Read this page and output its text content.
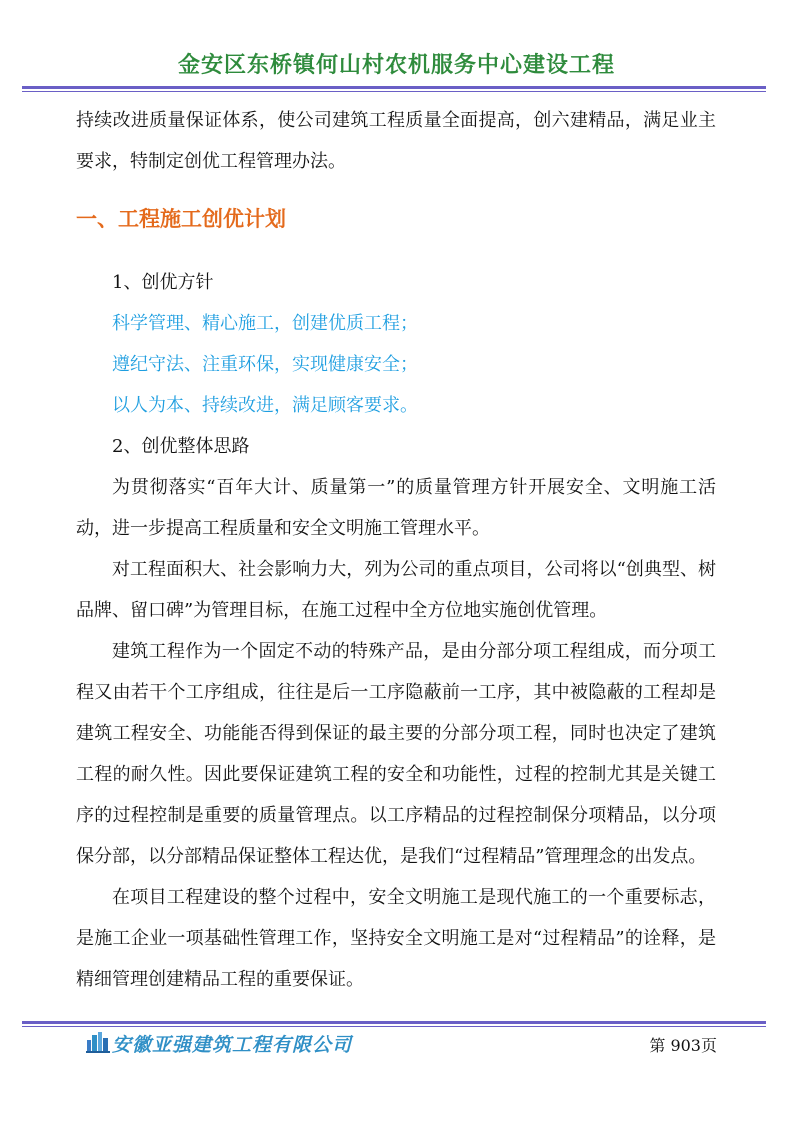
金安区东桥镇何山村农机服务中心建设工程

持续改进质量保证体系，使公司建筑工程质量全面提高，创六建精品，满足业主要求，特制定创优工程管理办法。

一、工程施工创优计划

1、创优方针

科学管理、精心施工，创建优质工程；

遵纪守法、注重环保，实现健康安全；

以人为本、持续改进，满足顾客要求。

2、创优整体思路

为贯彻落实“百年大计、质量第一”的质量管理方针开展安全、文明施工活动，进一步提高工程质量和安全文明施工管理水平。

对工程面积大、社会影响力大，列为公司的重点项目，公司将以“创典型、树品牌、留口碑”为管理目标，在施工过程中全方位地实施创优管理。

建筑工程作为一个固定不动的特殊产品，是由分部分项工程组成，而分项工程又由若干个工序组成，往往是后一工序隐蔽前一工序，其中被隐蔽的工程却是建筑工程安全、功能能否得到保证的最主要的分部分项工程，同时也决定了建筑工程的耐久性。因此要保证建筑工程的安全和功能性，过程的控制尤其是关键工序的过程控制是重要的质量管理点。以工序精品的过程控制保分项精品，以分项保分部，以分部精品保证整体工程达优，是我们“过程精品”管理理念的出发点。

在项目工程建设的整个过程中，安全文明施工是现代施工的一个重要标志，是施工企业一项基础性管理工作，坚持安全文明施工是对“过程精品”的诠释，是精细管理创建精品工程的重要保证。

安徽亚强建筑工程有限公司	第 903页
